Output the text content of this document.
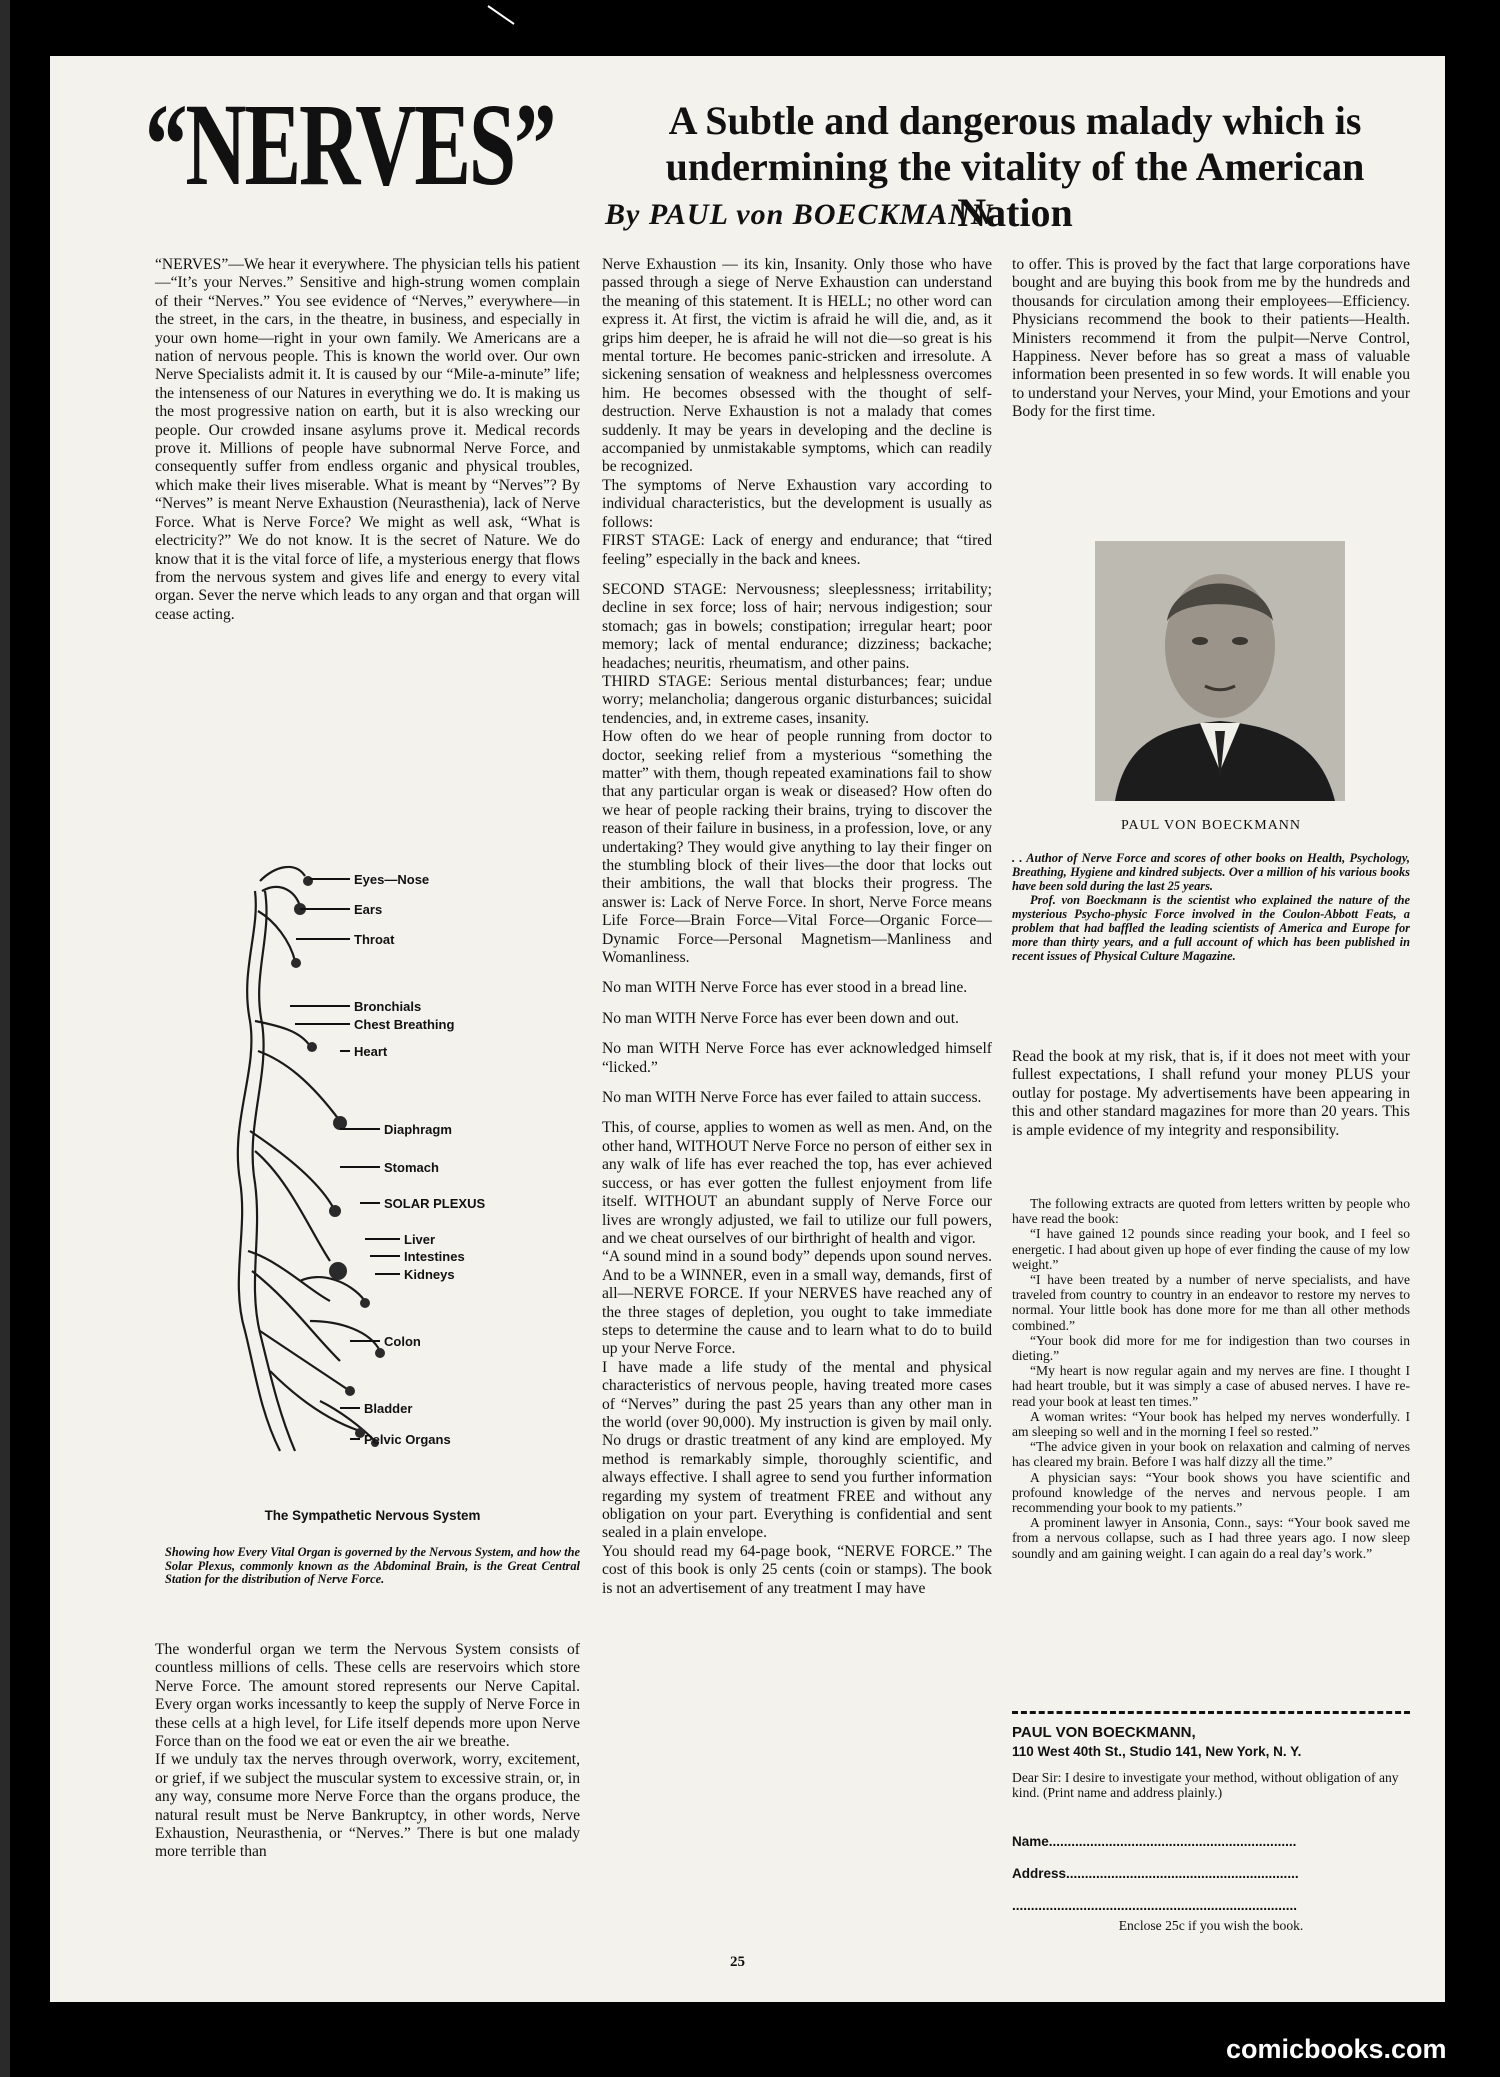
“NERVES”	A Subtle and dangerous malady which is undermining the vitality of the American Nation
By PAUL von BOECKMANN

“NERVES”—We hear it everywhere. The physician tells his patient—“It’s your Nerves.” Sensitive and high-strung women complain of their “Nerves.” You see evidence of “Nerves,” everywhere—in the street, in the cars, in the theatre, in business, and especially in your own home—right in your own family. We Americans are a nation of nervous people. This is known the world over. Our own Nerve Specialists admit it. It is caused by our “Mile-a-minute” life; the intenseness of our Natures in everything we do. It is making us the most progressive nation on earth, but it is also wrecking our people. Our crowded insane asylums prove it. Medical records prove it. Millions of people have subnormal Nerve Force, and consequently suffer from endless organic and physical troubles, which make their lives miserable. What is meant by “Nerves”? By “Nerves” is meant Nerve Exhaustion (Neurasthenia), lack of Nerve Force. What is Nerve Force? We might as well ask, “What is electricity?” We do not know. It is the secret of Nature. We do know that it is the vital force of life, a mysterious energy that flows from the nervous system and gives life and energy to every vital organ. Sever the nerve which leads to any organ and that organ will cease acting.

Eyes—Nose
Ears
Throat
Bronchials
Chest Breathing
Heart
Diaphragm
Stomach
SOLAR PLEXUS
Liver
Intestines
Kidneys
Colon
Bladder
Pelvic Organs
The Sympathetic Nervous System
Showing how Every Vital Organ is governed by the Nervous System, and how the Solar Plexus, commonly known as the Abdominal Brain, is the Great Central Station for the distribution of Nerve Force.

The wonderful organ we term the Nervous System consists of countless millions of cells. These cells are reservoirs which store Nerve Force. The amount stored represents our Nerve Capital. Every organ works incessantly to keep the supply of Nerve Force in these cells at a high level, for Life itself depends more upon Nerve Force than on the food we eat or even the air we breathe.

If we unduly tax the nerves through overwork, worry, excitement, or grief, if we subject the muscular system to excessive strain, or, in any way, consume more Nerve Force than the organs produce, the natural result must be Nerve Bankruptcy, in other words, Nerve Exhaustion, Neurasthenia, or “Nerves.” There is but one malady more terrible than

Nerve Exhaustion — its kin, Insanity. Only those who have passed through a siege of Nerve Exhaustion can understand the meaning of this statement. It is HELL; no other word can express it. At first, the victim is afraid he will die, and, as it grips him deeper, he is afraid he will not die—so great is his mental torture. He becomes panic-stricken and irresolute. A sickening sensation of weakness and helplessness overcomes him. He becomes obsessed with the thought of self-destruction. Nerve Exhaustion is not a malady that comes suddenly. It may be years in developing and the decline is accompanied by unmistakable symptoms, which can readily be recognized.

The symptoms of Nerve Exhaustion vary according to individual characteristics, but the development is usually as follows:

FIRST STAGE: Lack of energy and endurance; that “tired feeling” especially in the back and knees.

SECOND STAGE: Nervousness; sleeplessness; irritability; decline in sex force; loss of hair; nervous indigestion; sour stomach; gas in bowels; constipation; irregular heart; poor memory; lack of mental endurance; dizziness; backache; headaches; neuritis, rheumatism, and other pains.

THIRD STAGE: Serious mental disturbances; fear; undue worry; melancholia; dangerous organic disturbances; suicidal tendencies, and, in extreme cases, insanity.

How often do we hear of people running from doctor to doctor, seeking relief from a mysterious “something the matter” with them, though repeated examinations fail to show that any particular organ is weak or diseased? How often do we hear of people racking their brains, trying to discover the reason of their failure in business, in a profession, love, or any undertaking? They would give anything to lay their finger on the stumbling block of their lives—the door that locks out their ambitions, the wall that blocks their progress. The answer is: Lack of Nerve Force. In short, Nerve Force means Life Force—Brain Force—Vital Force—Organic Force—Dynamic Force—Personal Magnetism—Manliness and Womanliness.

No man WITH Nerve Force has ever stood in a bread line.

No man WITH Nerve Force has ever been down and out.

No man WITH Nerve Force has ever acknowledged himself “licked.”

No man WITH Nerve Force has ever failed to attain success.

This, of course, applies to women as well as men. And, on the other hand, WITHOUT Nerve Force no person of either sex in any walk of life has ever reached the top, has ever achieved success, or has ever gotten the fullest enjoyment from life itself. WITHOUT an abundant supply of Nerve Force our lives are wrongly adjusted, we fail to utilize our full powers, and we cheat ourselves of our birthright of health and vigor.

“A sound mind in a sound body” depends upon sound nerves. And to be a WINNER, even in a small way, demands, first of all—NERVE FORCE. If your NERVES have reached any of the three stages of depletion, you ought to take immediate steps to determine the cause and to learn what to do to build up your Nerve Force.

I have made a life study of the mental and physical characteristics of nervous people, having treated more cases of “Nerves” during the past 25 years than any other man in the world (over 90,000). My instruction is given by mail only. No drugs or drastic treatment of any kind are employed. My method is remarkably simple, thoroughly scientific, and always effective. I shall agree to send you further information regarding my system of treatment FREE and without any obligation on your part. Everything is confidential and sent sealed in a plain envelope.

You should read my 64-page book, “NERVE FORCE.” The cost of this book is only 25 cents (coin or stamps). The book is not an advertisement of any treatment I may have

to offer. This is proved by the fact that large corporations have bought and are buying this book from me by the hundreds and thousands for circulation among their employees—Efficiency. Physicians recommend the book to their patients—Health. Ministers recommend it from the pulpit—Nerve Control, Happiness. Never before has so great a mass of valuable information been presented in so few words. It will enable you to understand your Nerves, your Mind, your Emotions and your Body for the first time.

PAUL VON BOECKMANN
. . Author of Nerve Force and scores of other books on Health, Psychology, Breathing, Hygiene and kindred subjects. Over a million of his various books have been sold during the last 25 years.
Prof. von Boeckmann is the scientist who explained the nature of the mysterious Psycho-physic Force involved in the Coulon-Abbott Feats, a problem that had baffled the leading scientists of America and Europe for more than thirty years, and a full account of which has been published in recent issues of Physical Culture Magazine.

Read the book at my risk, that is, if it does not meet with your fullest expectations, I shall refund your money PLUS your outlay for postage. My advertisements have been appearing in this and other standard magazines for more than 20 years. This is ample evidence of my integrity and responsibility.

The following extracts are quoted from letters written by people who have read the book:

“I have gained 12 pounds since reading your book, and I feel so energetic. I had about given up hope of ever finding the cause of my low weight.”

“I have been treated by a number of nerve specialists, and have traveled from country to country in an endeavor to restore my nerves to normal. Your little book has done more for me than all other methods combined.”

“Your book did more for me for indigestion than two courses in dieting.”

“My heart is now regular again and my nerves are fine. I thought I had heart trouble, but it was simply a case of abused nerves. I have re-read your book at least ten times.”

A woman writes: “Your book has helped my nerves wonderfully. I am sleeping so well and in the morning I feel so rested.”

“The advice given in your book on relaxation and calming of nerves has cleared my brain. Before I was half dizzy all the time.”

A physician says: “Your book shows you have scientific and profound knowledge of the nerves and nervous people. I am recommending your book to my patients.”

A prominent lawyer in Ansonia, Conn., says: “Your book saved me from a nervous collapse, such as I had three years ago. I now sleep soundly and am gaining weight. I can again do a real day’s work.”

PAUL VON BOECKMANN,
110 West 40th St., Studio 141, New York, N. Y.
Dear Sir: I desire to investigate your method, without obligation of any kind. (Print name and address plainly.)
Name..................................................................
Address..............................................................
............................................................................
Enclose 25c if you wish the book.
25
comicbooks.com
